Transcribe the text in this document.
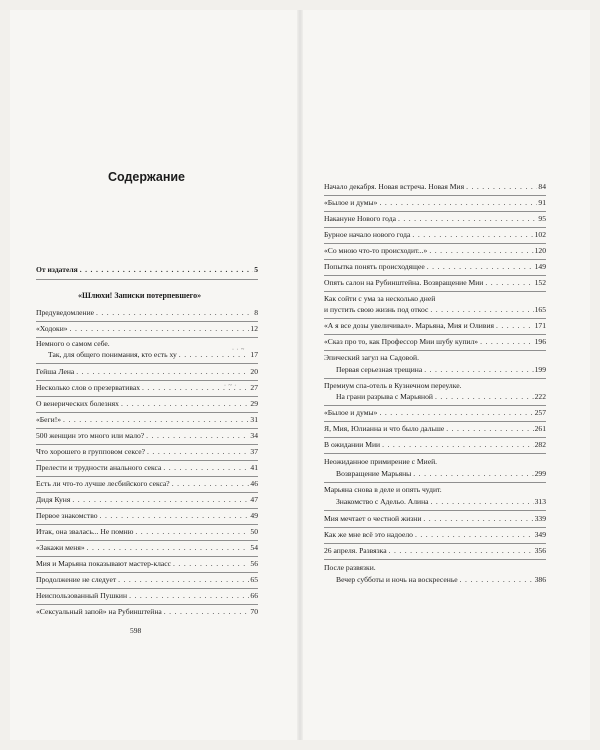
Содержание
От издателя . . .	5
«Шлюхи! Записки потерпевшего»
Предуведомление . . .	8
«Ходоки» . . .	12
Немного о самом себе.
Так, для общего понимания, кто есть ху . . .	17
· · ~
Гейша Лена . . .	20
Несколько слов о презервативах . . .	27
· ~ ·
О венерических болезнях . . .	29
«Беги!» . . .	31
500 женщин это много или мало? . . .	34
Что хорошего в групповом сексе? . . .	37
Прелести и трудности анального секса . . .	41
Есть ли что-то лучше лесбийского секса? . . .	46
Дидя Куня . . .	47
Первое знакомство . . .	49
Итак, она звалась... Не помню . . .	50
«Закажи меня» . . .	54
Мия и Марьяна показывают мастер-класс . . .	56
Продолжение не следует . . .	65
Неиспользованный Пушкин . . .	66
«Сексуальный запой» на Рубинштейна . . .	70
598
Начало декабря. Новая встреча. Новая Мия . . .	84
«Былое и думы» . . .	91
Накануне Нового года . . .	95
Бурное начало нового года . . .	102
«Со мною что-то происходит...» . . .	120
Попытка понять происходящее . . .	149
Опять салон на Рубинштейна. Возвращение Мии . . .	152
Как сойти с ума за несколько дней
и пустить свою жизнь под откос . . .	165
«А я все дозы увеличивал». Марьяна, Мия и Оливия . . .	171
«Сказ про то, как Профессор Мии шубу купил» . . .	196
Эпический загул на Садовой.
Первая серьезная трещина . . .	199
Премиум спа-отель в Кузнечном переулке.
На грани разрыва с Марьяной . . .	222
«Былое и думы» . . .	257
Я, Мия, Юлианна и что было дальше . . .	261
В ожидании Мии . . .	282
Неожиданное примирение с Мией.
Возвращение Марьяны . . .	299
Марьяна снова в деле и опять чудит.
Знакомство с Адельо. Алина . . .	313
Мия мечтает о честной жизни . . .	339
Как же мне всё это надоело . . .	349
26 апреля. Развязка . . .	356
После развязки.
Вечер субботы и ночь на воскресенье . . .	386
